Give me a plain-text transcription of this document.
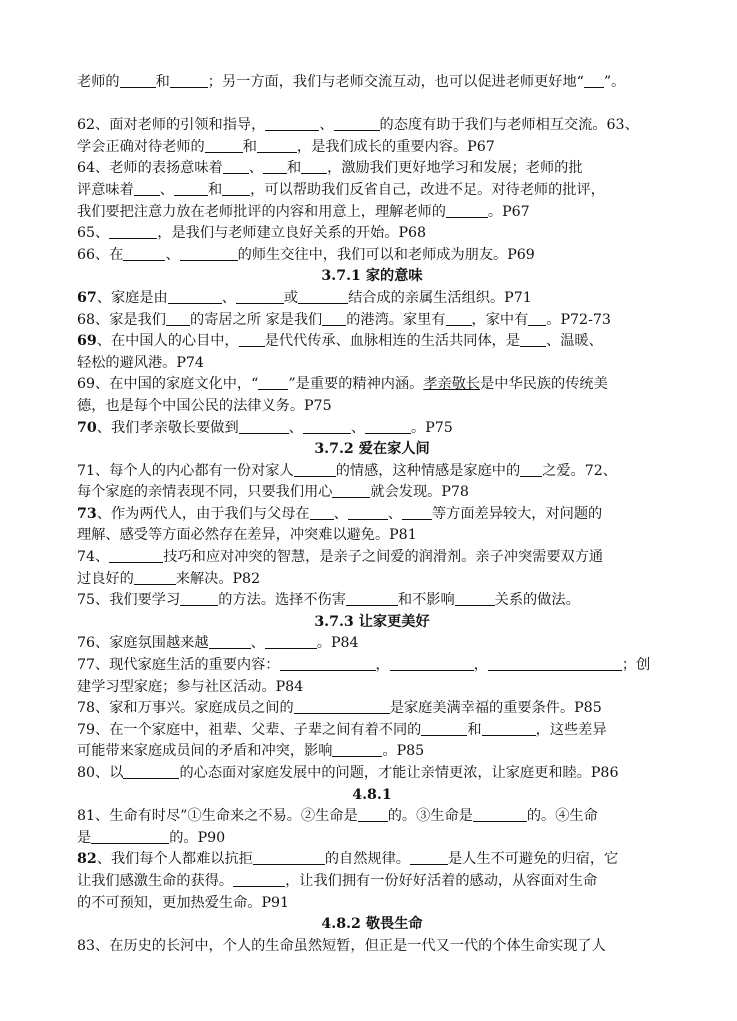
老师的	和	；另一方面，我们与老师交流互动，也可以促进老师更好地“ ”。
62、面对老师的引领和指导，	、	的态度有助于我们与老师相互交流。63、
学会正确对待老师的	和	，是我们成长的重要内容。P67
64、老师的表扬意味着 、 和 ，激励我们更好地学习和发展；老师的批
评意味着 、 和 ，可以帮助我们反省自己，改进不足。对待老师的批评，
我们要把注意力放在老师批评的内容和用意上，理解老师的	。P67
65、	，是我们与老师建立良好关系的开始。P68
66、在	、	的师生交往中，我们可以和老师成为朋友。P69
3.7.1 家的意味
67、家庭是由	、	或	结合成的亲属生活组织。P71
68、家是我们 的寄居之所 家是我们 的港湾。家里有 ，家中有 。P72-73
69、在中国人的心目中， 是代代传承、血脉相连的生活共同体，是 、温暖、
轻松的避风港。P74
69、在中国的家庭文化中，“ ”是重要的精神内涵。孝亲敬长是中华民族的传统美
德，也是每个中国公民的法律义务。P75
70、我们孝亲敬长要做到	、	、	。P75
3.7.2 爱在家人间
71、每个人的内心都有一份对家人	的情感，这种情感是家庭中的 之爱。72、
每个家庭的亲情表现不同，只要我们用心	就会发现。P78
73、作为两代人，由于我们与父母在 、	、 等方面差异较大，对问题的
理解、感受等方面必然存在差异，冲突难以避免。P81
74、	技巧和应对冲突的智慧，是亲子之间爱的润滑剂。亲子冲突需要双方通
过良好的	来解决。P82
75、我们要学习	的方法。选择不伤害	和不影响	关系的做法。
3.7.3 让家更美好
76、家庭氛围越来越	、	。P84
77、现代家庭生活的重要内容：	，	，	；创
建学习型家庭；参与社区活动。P84
78、家和万事兴。家庭成员之间的	是家庭美满幸福的重要条件。P85
79、在一个家庭中，祖辈、父辈、子辈之间有着不同的	和	，这些差异
可能带来家庭成员间的矛盾和冲突，影响	。P85
80、以	的心态面对家庭发展中的问题，才能让亲情更浓，让家庭更和睦。P86
4.8.1
81、生命有时尽”①生命来之不易。②生命是 的。③生命是	的。④生命
是	的。P90
82、我们每个人都难以抗拒	的自然规律。	是人生不可避免的归宿，它
让我们感激生命的获得。	，让我们拥有一份好好活着的感动，从容面对生命
的不可预知，更加热爱生命。P91
4.8.2 敬畏生命
83、在历史的长河中，个人的生命虽然短暂，但正是一代又一代的个体生命实现了人
